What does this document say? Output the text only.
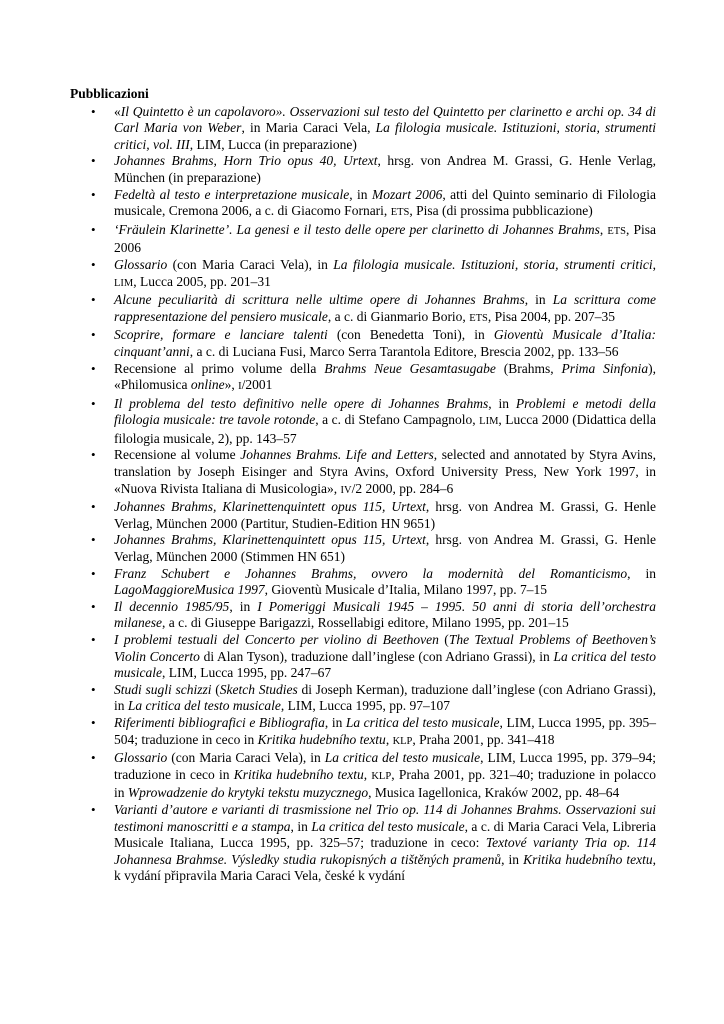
Pubblicazioni
• «Il Quintetto è un capolavoro». Osservazioni sul testo del Quintetto per clarinetto e archi op. 34 di Carl Maria von Weber, in Maria Caraci Vela, La filologia musicale. Istituzioni, storia, strumenti critici, vol. III, LIM, Lucca (in preparazione)
• Johannes Brahms, Horn Trio opus 40, Urtext, hrsg. von Andrea M. Grassi, G. Henle Verlag, München (in preparazione)
• Fedeltà al testo e interpretazione musicale, in Mozart 2006, atti del Quinto seminario di Filologia musicale, Cremona 2006, a c. di Giacomo Fornari, ETS, Pisa (di prossima pubblicazione)
• ‘Fräulein Klarinette’. La genesi e il testo delle opere per clarinetto di Johannes Brahms, ETS, Pisa 2006
• Glossario (con Maria Caraci Vela), in La filologia musicale. Istituzioni, storia, strumenti critici, LIM, Lucca 2005, pp. 201–31
• Alcune peculiarità di scrittura nelle ultime opere di Johannes Brahms, in La scrittura come rappresentazione del pensiero musicale, a c. di Gianmario Borio, ETS, Pisa 2004, pp. 207–35
• Scoprire, formare e lanciare talenti (con Benedetta Toni), in Gioventù Musicale d’Italia: cinquant’anni, a c. di Luciana Fusi, Marco Serra Tarantola Editore, Brescia 2002, pp. 133–56
• Recensione al primo volume della Brahms Neue Gesamtasugabe (Brahms, Prima Sinfonia), «Philomusica online», I/2001
• Il problema del testo definitivo nelle opere di Johannes Brahms, in Problemi e metodi della filologia musicale: tre tavole rotonde, a c. di Stefano Campagnolo, LIM, Lucca 2000 (Didattica della filologia musicale, 2), pp. 143–57
• Recensione al volume Johannes Brahms. Life and Letters, selected and annotated by Styra Avins, translation by Joseph Eisinger and Styra Avins, Oxford University Press, New York 1997, in «Nuova Rivista Italiana di Musicologia», IV/2 2000, pp. 284–6
• Johannes Brahms, Klarinettenquintett opus 115, Urtext, hrsg. von Andrea M. Grassi, G. Henle Verlag, München 2000 (Partitur, Studien-Edition HN 9651)
• Johannes Brahms, Klarinettenquintett opus 115, Urtext, hrsg. von Andrea M. Grassi, G. Henle Verlag, München 2000 (Stimmen HN 651)
• Franz Schubert e Johannes Brahms, ovvero la modernità del Romanticismo, in LagoMaggioreMusica 1997, Gioventù Musicale d’Italia, Milano 1997, pp. 7–15
• Il decennio 1985/95, in I Pomeriggi Musicali 1945 – 1995. 50 anni di storia dell’orchestra milanese, a c. di Giuseppe Barigazzi, Rossellabigi editore, Milano 1995, pp. 201–15
• I problemi testuali del Concerto per violino di Beethoven (The Textual Problems of Beethoven’s Violin Concerto di Alan Tyson), traduzione dall’inglese (con Adriano Grassi), in La critica del testo musicale, LIM, Lucca 1995, pp. 247–67
• Studi sugli schizzi (Sketch Studies di Joseph Kerman), traduzione dall’inglese (con Adriano Grassi), in La critica del testo musicale, LIM, Lucca 1995, pp. 97–107
• Riferimenti bibliografici e Bibliografia, in La critica del testo musicale, LIM, Lucca 1995, pp. 395–504; traduzione in ceco in Kritika hudebního textu, KLP, Praha 2001, pp. 341–418
• Glossario (con Maria Caraci Vela), in La critica del testo musicale, LIM, Lucca 1995, pp. 379–94; traduzione in ceco in Kritika hudebního textu, KLP, Praha 2001, pp. 321–40; traduzione in polacco in Wprowadzenie do krytyki tekstu muzycznego, Musica Iagellonica, Kraków 2002, pp. 48–64
• Varianti d’autore e varianti di trasmissione nel Trio op. 114 di Johannes Brahms. Osservazioni sui testimoni manoscritti e a stampa, in La critica del testo musicale, a c. di Maria Caraci Vela, Libreria Musicale Italiana, Lucca 1995, pp. 325–57; traduzione in ceco: Textové varianty Tria op. 114 Johannesa Brahmse. Výsledky studia rukopisných a tištěných pramenů, in Kritika hudebního textu, k vydání připravila Maria Caraci Vela, české k vydání
